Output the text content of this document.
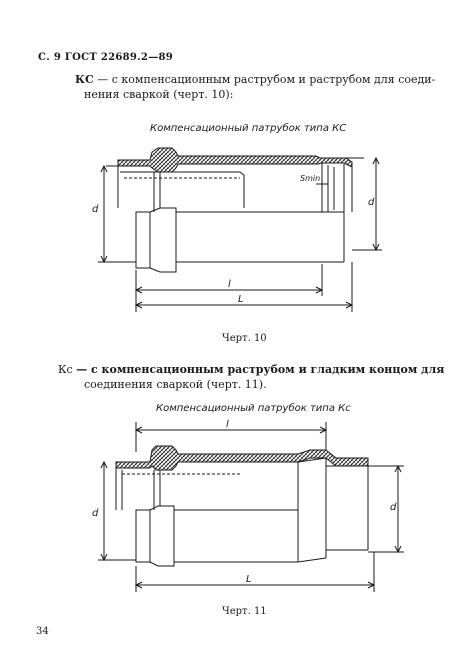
С. 9 ГОСТ 22689.2—89
КС — с компенсационным раструбом и раструбом для соеди-
нения сваркой (черт. 10):
Компенсационный патрубок типа КС
d
d
Smin
l
L
d
d
l
L
Черт. 10
Кс — с компенсационным раструбом и гладким концом для
соединения сваркой (черт. 11).
Компенсационный патрубок типа Кс
Черт. 11
34
